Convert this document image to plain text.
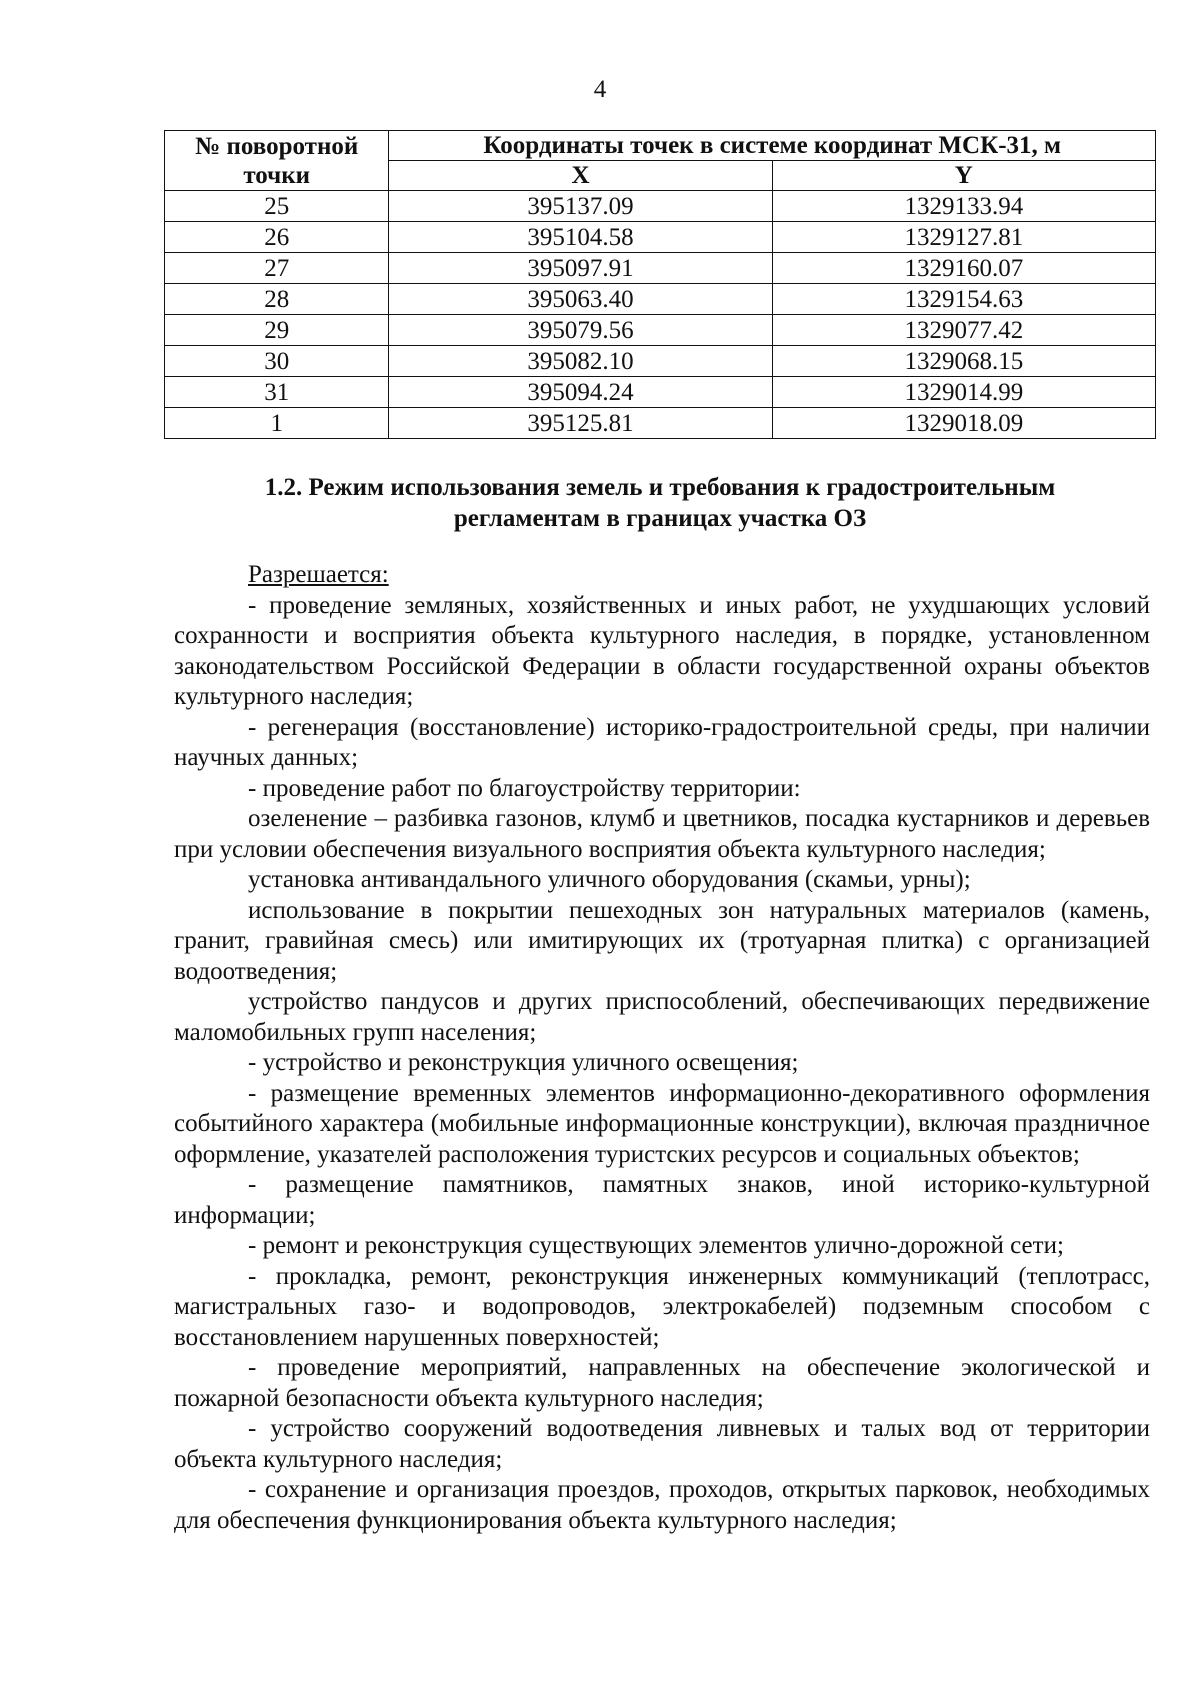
4
№ поворотной точки	Координаты точек в системе координат МСК-31, м	
	X	Y
25	395137.09	1329133.94
26	395104.58	1329127.81
27	395097.91	1329160.07
28	395063.40	1329154.63
29	395079.56	1329077.42
30	395082.10	1329068.15
31	395094.24	1329014.99
1	395125.81	1329018.09
1.2. Режим использования земель и требования к градостроительным
регламентам в границах участка ОЗ

Разрешается:

- проведение земляных, хозяйственных и иных работ, не ухудшающих условий сохранности и восприятия объекта культурного наследия, в порядке, установленном законодательством Российской Федерации в области государственной охраны объектов культурного наследия;

- регенерация (восстановление) историко-градостроительной среды, при наличии научных данных;

- проведение работ по благоустройству территории:

озеленение – разбивка газонов, клумб и цветников, посадка кустарников и деревьев при условии обеспечения визуального восприятия объекта культурного наследия;

установка антивандального уличного оборудования (скамьи, урны);

использование в покрытии пешеходных зон натуральных материалов (камень, гранит, гравийная смесь) или имитирующих их (тротуарная плитка) с организацией водоотведения;

устройство пандусов и других приспособлений, обеспечивающих передвижение маломобильных групп населения;

- устройство и реконструкция уличного освещения;

- размещение временных элементов информационно-декоративного оформления событийного характера (мобильные информационные конструкции), включая праздничное оформление, указателей расположения туристских ресурсов и социальных объектов;

- размещение памятников, памятных знаков, иной историко-культурной информации;

- ремонт и реконструкция существующих элементов улично-дорожной сети;

- прокладка, ремонт, реконструкция инженерных коммуникаций (теплотрасс, магистральных газо- и водопроводов, электрокабелей) подземным способом с восстановлением нарушенных поверхностей;

- проведение мероприятий, направленных на обеспечение экологической и пожарной безопасности объекта культурного наследия;

- устройство сооружений водоотведения ливневых и талых вод от территории объекта культурного наследия;

- сохранение и организация проездов, проходов, открытых парковок, необходимых для обеспечения функционирования объекта культурного наследия;
